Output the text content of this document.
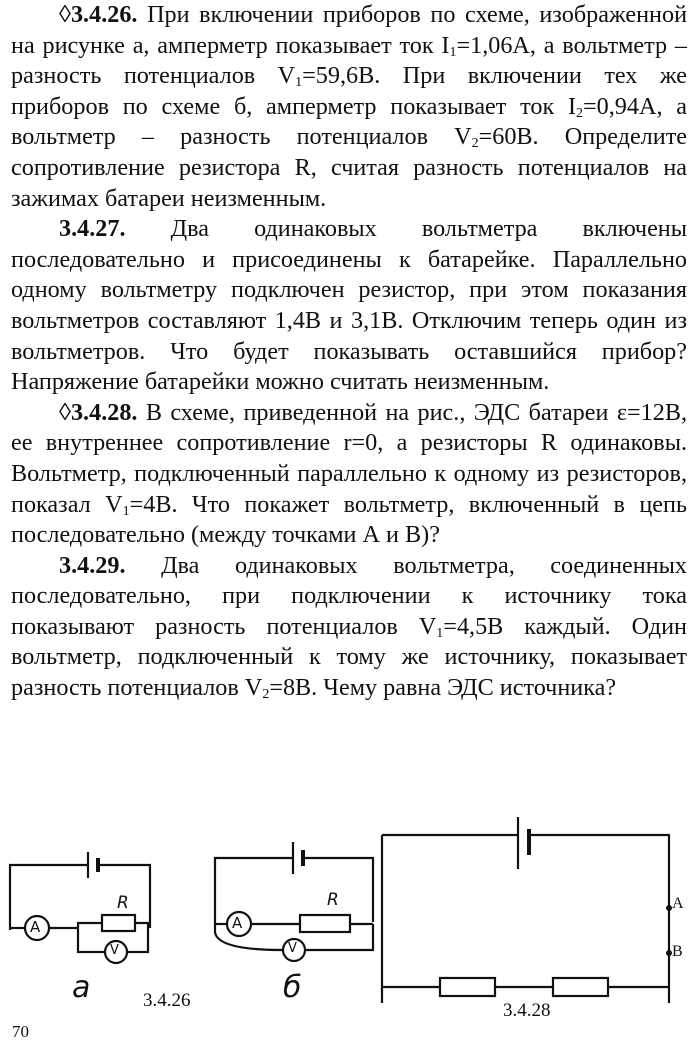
◊3.4.26. При включении приборов по схеме, изображенной на рисунке а, амперметр показывает ток $I_1=1,06А$, а вольтметр – разность потенциалов $V_1=59,6В$. При включении тех же приборов по схеме б, амперметр показывает ток $I_2=0,94А$, а вольтметр – разность потенциалов $V_2=60В$. Определите сопротивление резистора R, считая разность потенциалов на зажимах батареи неизменным.

3.4.27. Два одинаковых вольтметра включены последовательно и присоединены к батарейке. Параллельно одному вольтметру подключен резистор, при этом показания вольтметров составляют 1,4В и 3,1В. Отключим теперь один из вольтметров. Что будет показывать оставшийся прибор? Напряжение батарейки можно считать неизменным.

◊3.4.28. В схеме, приведенной на рис., ЭДС батареи ε=12В, ее внутреннее сопротивление r=0, а резисторы R одинаковы. Вольтметр, подключенный параллельно к одному из резисторов, показал $V_1=4В$. Что покажет вольтметр, включенный в цепь последовательно (между точками А и В)?

3.4.29. Два одинаковых вольтметра, соединенных последовательно, при подключении к источнику тока показывают разность потенциалов $V_1=4,5В$ каждый. Один вольтметр, подключенный к тому же источнику, показывает разность потенциалов $V_2=8В$. Чему равна ЭДС источника?

A
V
R
а
A
V
R
б
3.4.26
A
B
3.4.28
70
